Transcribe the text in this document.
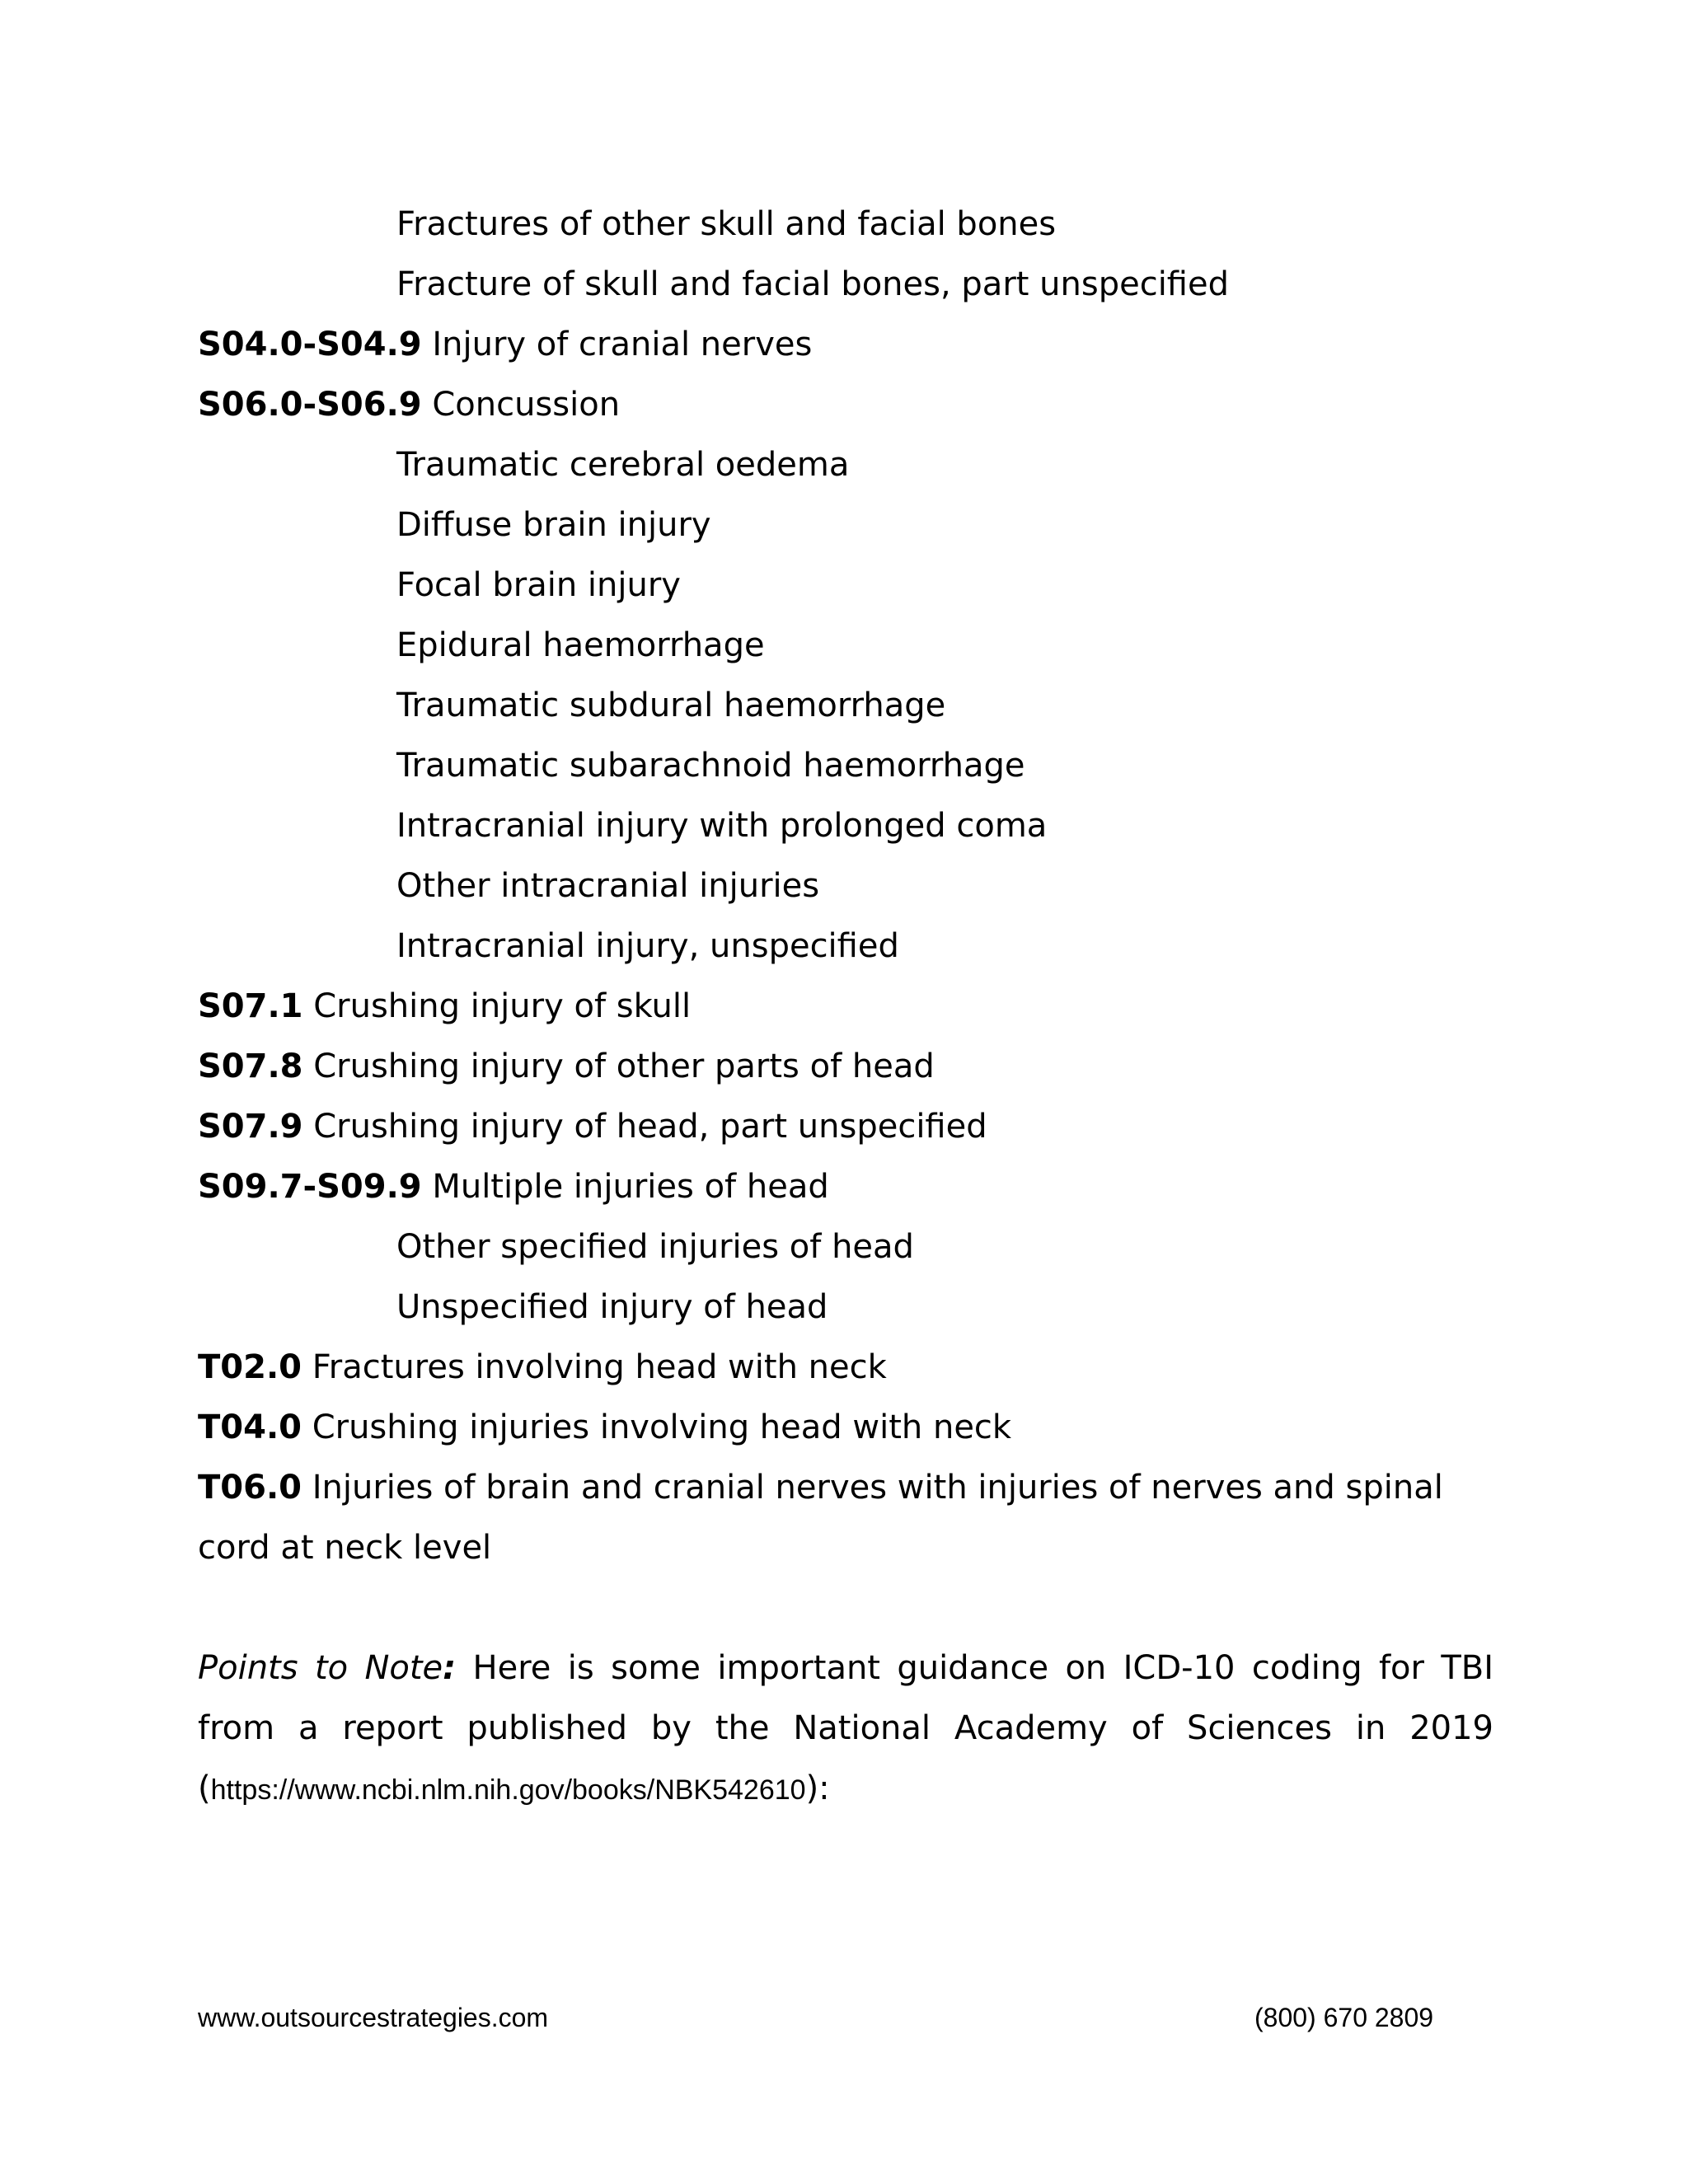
Fractures of other skull and facial bones

Fracture of skull and facial bones, part unspecified

S04.0-S04.9 Injury of cranial nerves

S06.0-S06.9 Concussion

Traumatic cerebral oedema

Diffuse brain injury

Focal brain injury

Epidural haemorrhage

Traumatic subdural haemorrhage

Traumatic subarachnoid haemorrhage

Intracranial injury with prolonged coma

Other intracranial injuries

Intracranial injury, unspecified

S07.1 Crushing injury of skull

S07.8 Crushing injury of other parts of head

S07.9 Crushing injury of head, part unspecified

S09.7-S09.9 Multiple injuries of head

Other specified injuries of head

Unspecified injury of head

T02.0 Fractures involving head with neck

T04.0 Crushing injuries involving head with neck

T06.0 Injuries of brain and cranial nerves with injuries of nerves and spinal cord at neck level

Points to Note: Here is some important guidance on ICD-10 coding for TBI from a report published by the National Academy of Sciences in 2019 (https://www.ncbi.nlm.nih.gov/books/NBK542610):

www.outsourcestrategies.com	(800) 670 2809
